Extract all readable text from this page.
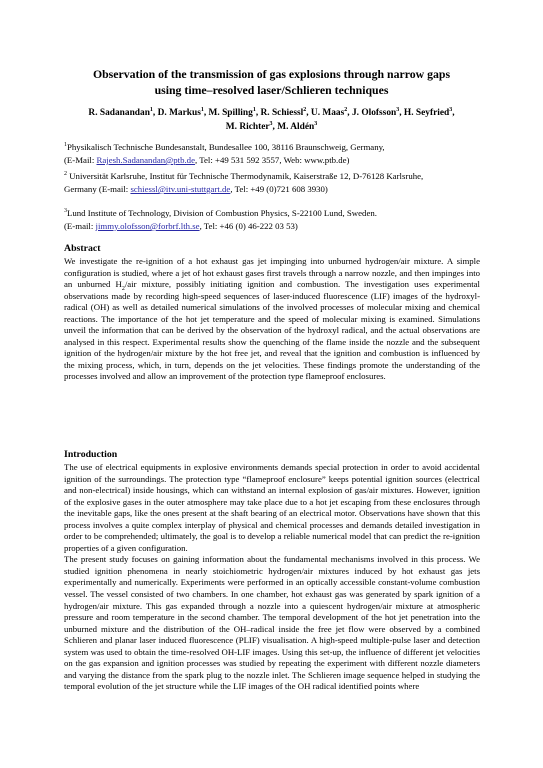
Observation of the transmission of gas explosions through narrow gaps
using time–resolved laser/Schlieren techniques
R. Sadanandan$^1$, D. Markus$^1$, M. Spilling$^1$, R. Schiessl$^2$, U. Maas$^2$, J. Olofsson$^3$, H. Seyfried$^3$,
M. Richter$^3$, M. Aldén$^3$
$^1$Physikalisch Technische Bundesanstalt, Bundesallee 100, 38116 Braunschweig, Germany,
(E-Mail: Rajesh.Sadanandan@ptb.de, Tel: +49 531 592 3557, Web: www.ptb.de)
$^2$ Universität Karlsruhe, Institut für Technische Thermodynamik, Kaiserstraße 12, D-76128 Karlsruhe,
Germany (E-mail: schiessl@itv.uni-stuttgart.de, Tel: +49 (0)721 608 3930)
$^3$Lund Institute of Technology, Division of Combustion Physics, S-22100 Lund, Sweden.
(E-mail: jimmy.olofsson@forbrf.lth.se, Tel: +46 (0) 46-222 03 53)
Abstract

We investigate the re-ignition of a hot exhaust gas jet impinging into unburned hydrogen/air mixture. A simple configuration is studied, where a jet of hot exhaust gases first travels through a narrow nozzle, and then impinges into an unburned $H_2$/air mixture, possibly initiating ignition and combustion. The investigation uses experimental observations made by recording high-speed sequences of laser-induced fluorescence (LIF) images of the hydroxyl-radical (OH) as well as detailed numerical simulations of the involved processes of molecular mixing and chemical reactions. The importance of the hot jet temperature and the speed of molecular mixing is examined. Simulations unveil the information that can be derived by the observation of the hydroxyl radical, and the actual observations are analysed in this respect. Experimental results show the quenching of the flame inside the nozzle and the subsequent ignition of the hydrogen/air mixture by the hot free jet, and reveal that the ignition and combustion is influenced by the mixing process, which, in turn, depends on the jet velocities. These findings promote the understanding of the processes involved and allow an improvement of the protection type flameproof enclosures.

Introduction

The use of electrical equipments in explosive environments demands special protection in order to avoid accidental ignition of the surroundings. The protection type “flameproof enclosure” keeps potential ignition sources (electrical and non-electrical) inside housings, which can withstand an internal explosion of gas/air mixtures. However, ignition of the explosive gases in the outer atmosphere may take place due to a hot jet escaping from these enclosures through the inevitable gaps, like the ones present at the shaft bearing of an electrical motor. Observations have shown that this process involves a quite complex interplay of physical and chemical processes and demands detailed investigation in order to be comprehended; ultimately, the goal is to develop a reliable numerical model that can predict the re-ignition properties of a given configuration.

The present study focuses on gaining information about the fundamental mechanisms involved in this process. We studied ignition phenomena in nearly stoichiometric hydrogen/air mixtures induced by hot exhaust gas jets experimentally and numerically. Experiments were performed in an optically accessible constant-volume combustion vessel. The vessel consisted of two chambers. In one chamber, hot exhaust gas was generated by spark ignition of a hydrogen/air mixture. This gas expanded through a nozzle into a quiescent hydrogen/air mixture at atmospheric pressure and room temperature in the second chamber. The temporal development of the hot jet penetration into the unburned mixture and the distribution of the OH–radical inside the free jet flow were observed by a combined Schlieren and planar laser induced fluorescence (PLIF) visualisation. A high-speed multiple-pulse laser and detection system was used to obtain the time-resolved OH-LIF images. Using this set-up, the influence of different jet velocities on the gas expansion and ignition processes was studied by repeating the experiment with different nozzle diameters and varying the distance from the spark plug to the nozzle inlet. The Schlieren image sequence helped in studying the temporal evolution of the jet structure while the LIF images of the OH radical identified points where
